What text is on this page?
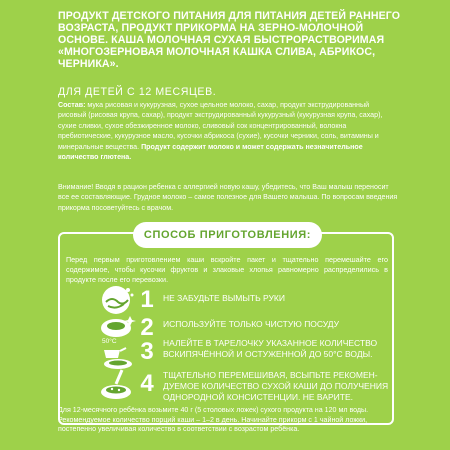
ПРОДУКТ ДЕТСКОГО ПИТАНИЯ ДЛЯ ПИТАНИЯ ДЕТЕЙ РАННЕГО ВОЗРАСТА, ПРОДУКТ ПРИКОРМА НА ЗЕРНО-МОЛОЧНОЙ ОСНОВЕ. КАША МОЛОЧНАЯ СУХАЯ БЫСТРОРАСТВОРИМАЯ «МНОГОЗЕРНОВАЯ МОЛОЧНАЯ КАШКА СЛИВА, АБРИКОС, ЧЕРНИКА».
ДЛЯ ДЕТЕЙ С 12 МЕСЯЦЕВ.
Состав: мука рисовая и кукурузная, сухое цельное молоко, сахар, продукт экструдированный рисовый (рисовая крупа, сахар), продукт экструдированный кукурузный (кукурузная крупа, сахар), сухие сливки, сухое обезжиренное молоко, сливовый сок концентрированный, волокна пребиотические, кукурузное масло, кусочки абрикоса (сухие), кусочки черники, соль, витамины и минеральные вещества. Продукт содержит молоко и может содержать незначительное количество глютена.
Внимание! Вводя в рацион ребенка с аллергией новую кашу, убедитесь, что Ваш малыш переносит все ее составляющие. Грудное молоко – самое полезное для Вашего малыша. По вопросам введения прикорма посоветуйтесь с врачом.
СПОСОБ ПРИГОТОВЛЕНИЯ:
Перед первым приготовлением каши вскройте пакет и тщательно перемешайте его содержимое, чтобы кусочки фруктов и злаковые хлопья равномерно распределились в продукте после его перевозки.
1	НЕ ЗАБУДЬТЕ ВЫМЫТЬ РУКИ
2	ИСПОЛЬЗУЙТЕ ТОЛЬКО ЧИСТУЮ ПОСУДУ
50°С 3	НАЛЕЙТЕ В ТАРЕЛОЧКУ УКАЗАННОЕ КОЛИЧЕСТВО ВСКИПЯЧЁННОЙ И ОСТУЖЕННОЙ ДО 50°С ВОДЫ.
4	ТЩАТЕЛЬНО ПЕРЕМЕШИВАЯ, ВСЫПЬТЕ РЕКОМЕН-ДУЕМОЕ КОЛИЧЕСТВО СУХОЙ КАШИ ДО ПОЛУЧЕНИЯ ОДНОРОДНОЙ КОНСИСТЕНЦИИ. НЕ ВАРИТЕ.
Для 12-месячного ребёнка возьмите 40 г (5 столовых ложек) сухого продукта на 120 мл воды. Рекомендуемое количество порций каши – 1–2 в день. Начинайте прикорм с 1 чайной ложки, постепенно увеличивая количество в соответствии с возрастом ребёнка.
